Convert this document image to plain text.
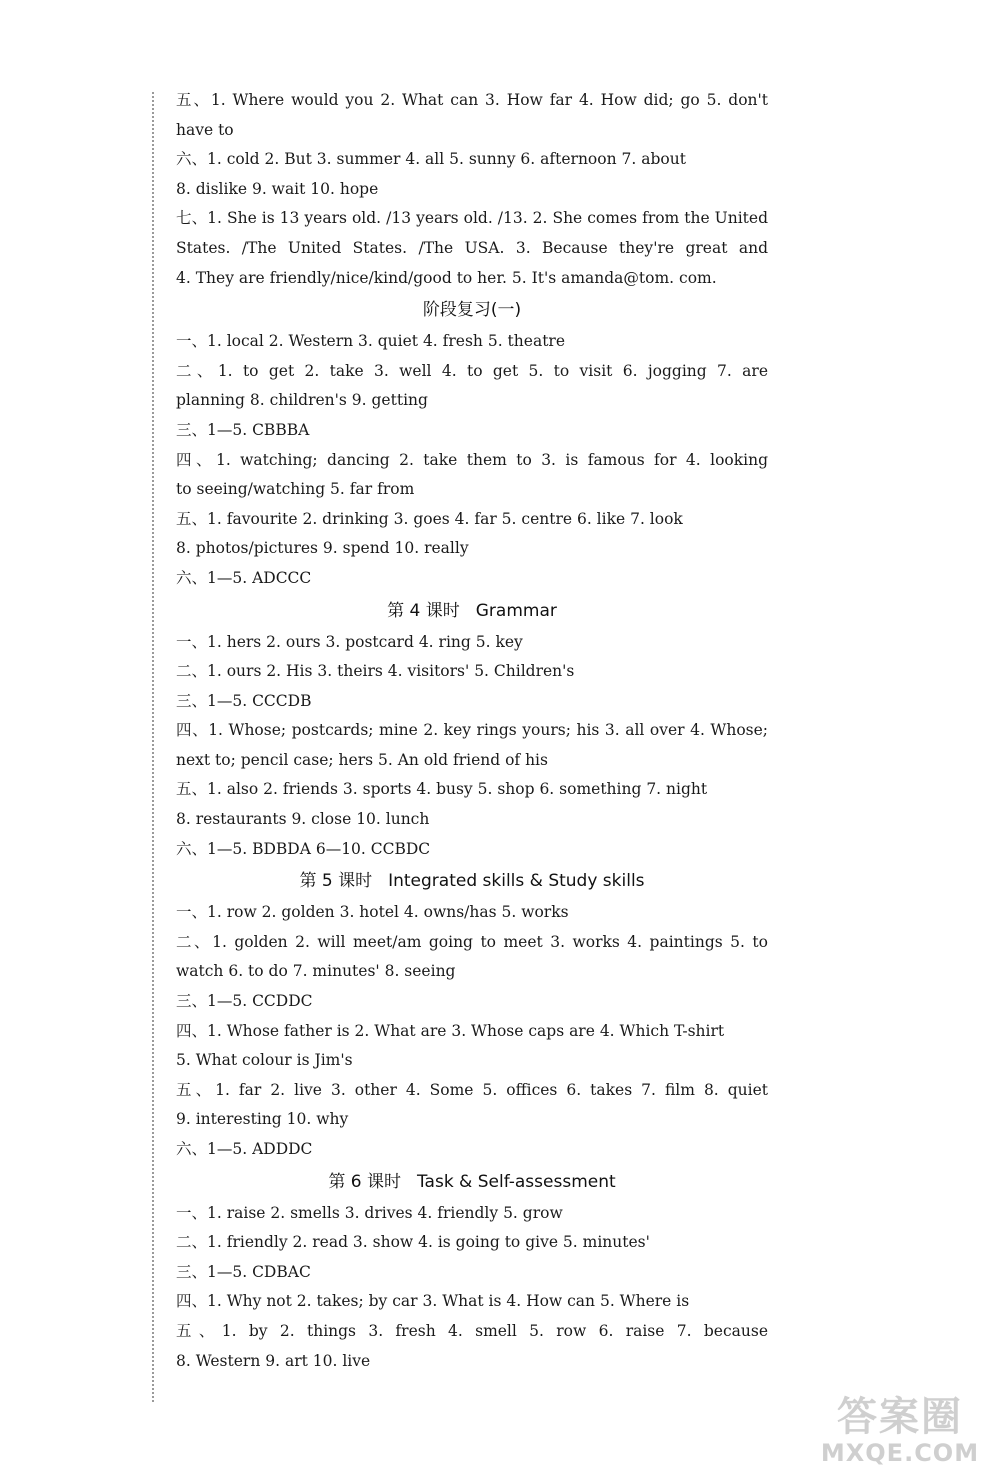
五、1. Where would you 2. What can 3. How far 4. How did; go 5. don't
have to
六、1. cold 2. But 3. summer 4. all 5. sunny 6. afternoon 7. about
8. dislike 9. wait 10. hope
七、1. She is 13 years old. /13 years old. /13. 2. She comes from the United
States. /The United States. /The USA. 3. Because they're great and
4. They are friendly/nice/kind/good to her. 5. It's amanda@tom. com.
阶段复习(一)
一、1. local 2. Western 3. quiet 4. fresh 5. theatre
二、1. to get 2. take 3. well 4. to get 5. to visit 6. jogging 7. are
planning 8. children's 9. getting
三、1—5. CBBBA
四、1. watching; dancing 2. take them to 3. is famous for 4. looking
to seeing/watching 5. far from
五、1. favourite 2. drinking 3. goes 4. far 5. centre 6. like 7. look
8. photos/pictures 9. spend 10. really
六、1—5. ADCCC
第 4 课时 Grammar
一、1. hers 2. ours 3. postcard 4. ring 5. key
二、1. ours 2. His 3. theirs 4. visitors' 5. Children's
三、1—5. CCCDB
四、1. Whose; postcards; mine 2. key rings yours; his 3. all over 4. Whose;
next to; pencil case; hers 5. An old friend of his
五、1. also 2. friends 3. sports 4. busy 5. shop 6. something 7. night
8. restaurants 9. close 10. lunch
六、1—5. BDBDA 6—10. CCBDC
第 5 课时 Integrated skills & Study skills
一、1. row 2. golden 3. hotel 4. owns/has 5. works
二、1. golden 2. will meet/am going to meet 3. works 4. paintings 5. to
watch 6. to do 7. minutes' 8. seeing
三、1—5. CCDDC
四、1. Whose father is 2. What are 3. Whose caps are 4. Which T-shirt
5. What colour is Jim's
五、1. far 2. live 3. other 4. Some 5. offices 6. takes 7. film 8. quiet
9. interesting 10. why
六、1—5. ADDDC
第 6 课时 Task & Self-assessment
一、1. raise 2. smells 3. drives 4. friendly 5. grow
二、1. friendly 2. read 3. show 4. is going to give 5. minutes'
三、1—5. CDBAC
四、1. Why not 2. takes; by car 3. What is 4. How can 5. Where is
五、1. by 2. things 3. fresh 4. smell 5. row 6. raise 7. because
8. Western 9. art 10. live
答案圈
MXQE.COM
